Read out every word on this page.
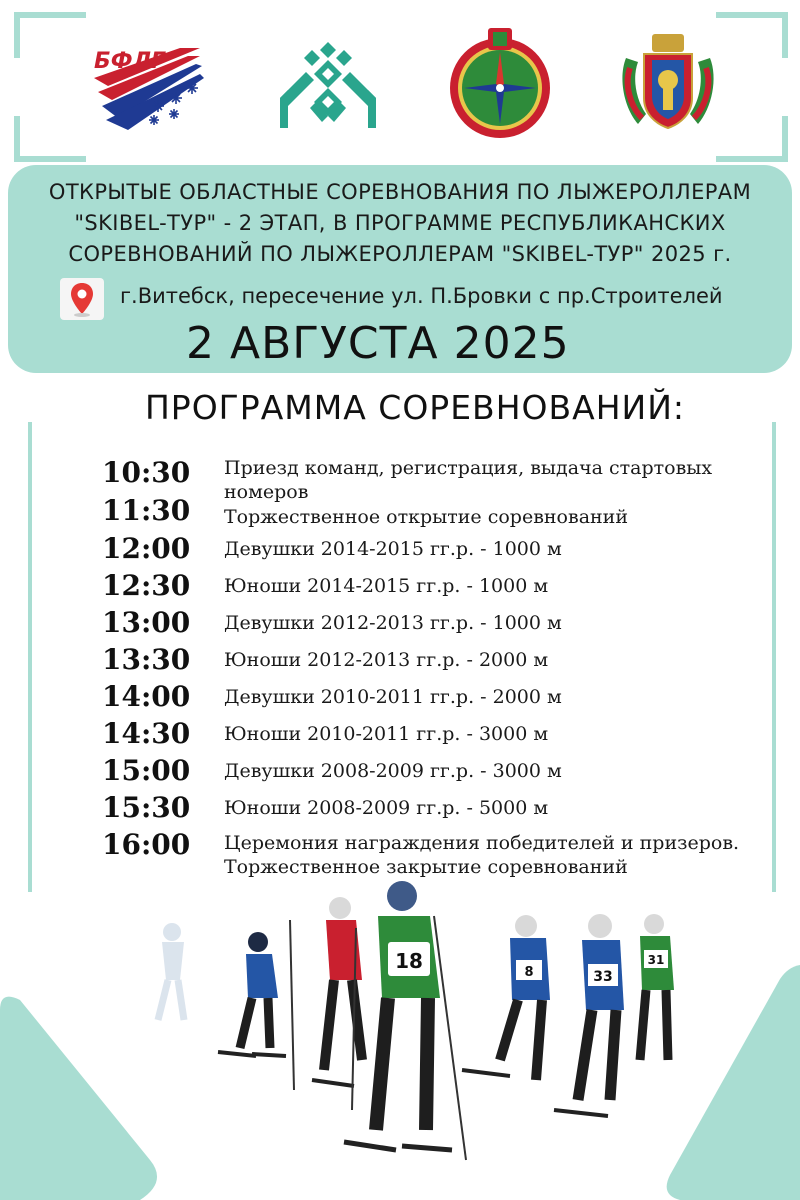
БФЛГ
ОТКРЫТЫЕ ОБЛАСТНЫЕ СОРЕВНОВАНИЯ ПО ЛЫЖЕРОЛЛЕРАМ
"SKIBEL-ТУР" - 2 ЭТАП, В ПРОГРАММЕ РЕСПУБЛИКАНСКИХ
СОРЕВНОВАНИЙ ПО ЛЫЖЕРОЛЛЕРАМ "SKIBEL-ТУР" 2025 г.
г.Витебск, пересечение ул. П.Бровки с пр.Строителей
2 АВГУСТА 2025
ПРОГРАММА СОРЕВНОВАНИЙ:
10:30	Приезд команд, регистрация, выдача стартовых номеров
11:30	Торжественное открытие соревнований
12:00	Девушки 2014-2015 гг.р. - 1000 м
12:30	Юноши 2014-2015 гг.р. - 1000 м
13:00	Девушки 2012-2013 гг.р. - 1000 м
13:30	Юноши 2012-2013 гг.р. - 2000 м
14:00	Девушки 2010-2011 гг.р. - 2000 м
14:30	Юноши 2010-2011 гг.р. - 3000 м
15:00	Девушки 2008-2009 гг.р. - 3000 м
15:30	Юноши 2008-2009 гг.р. - 5000 м
16:00	Церемония награждения победителей и призеров. Торжественное закрытие соревнований
18	8	33
31
